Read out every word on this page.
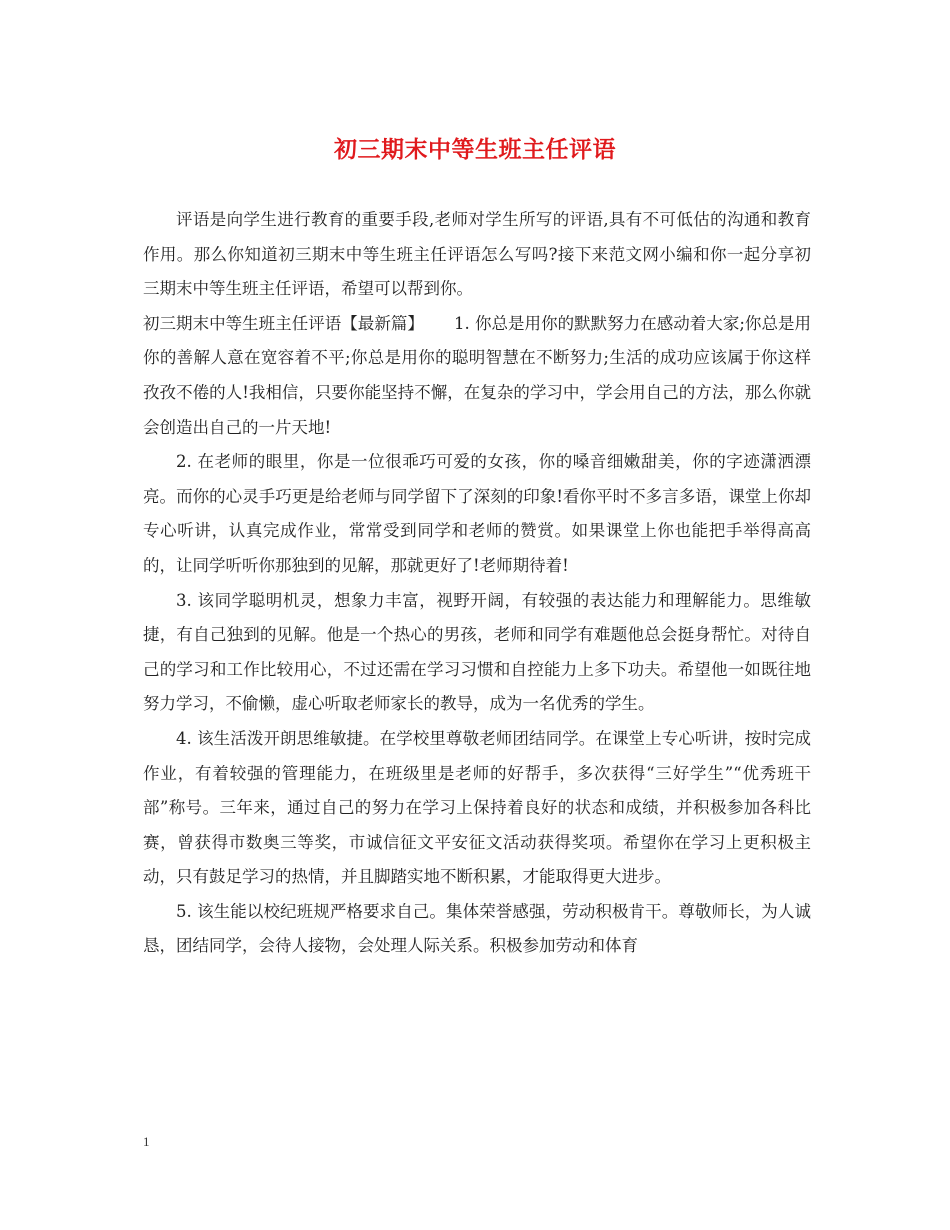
初三期末中等生班主任评语

评语是向学生进行教育的重要手段,老师对学生所写的评语,具有不可低估的沟通和教育作用。那么你知道初三期末中等生班主任评语怎么写吗?接下来范文网小编和你一起分享初三期末中等生班主任评语，希望可以帮到你。

初三期末中等生班主任评语【最新篇】　　 1. 你总是用你的默默努力在感动着大家;你总是用你的善解人意在宽容着不平;你总是用你的聪明智慧在不断努力;生活的成功应该属于你这样孜孜不倦的人!我相信，只要你能坚持不懈，在复杂的学习中，学会用自己的方法，那么你就会创造出自己的一片天地!

2. 在老师的眼里，你是一位很乖巧可爱的女孩，你的嗓音细嫩甜美，你的字迹潇洒漂亮。而你的心灵手巧更是给老师与同学留下了深刻的印象!看你平时不多言多语，课堂上你却专心听讲，认真完成作业，常常受到同学和老师的赞赏。如果课堂上你也能把手举得高高的，让同学听听你那独到的见解，那就更好了!老师期待着!

3. 该同学聪明机灵，想象力丰富，视野开阔，有较强的表达能力和理解能力。思维敏捷，有自己独到的见解。他是一个热心的男孩，老师和同学有难题他总会挺身帮忙。对待自己的学习和工作比较用心，不过还需在学习习惯和自控能力上多下功夫。希望他一如既往地努力学习，不偷懒，虚心听取老师家长的教导，成为一名优秀的学生。

4. 该生活泼开朗思维敏捷。在学校里尊敬老师团结同学。在课堂上专心听讲，按时完成作业，有着较强的管理能力，在班级里是老师的好帮手，多次获得“三好学生”“优秀班干部”称号。三年来，通过自己的努力在学习上保持着良好的状态和成绩，并积极参加各科比赛，曾获得市数奥三等奖，市诚信征文平安征文活动获得奖项。希望你在学习上更积极主动，只有鼓足学习的热情，并且脚踏实地不断积累，才能取得更大进步。

5. 该生能以校纪班规严格要求自己。集体荣誉感强，劳动积极肯干。尊敬师长，为人诚恳，团结同学，会待人接物，会处理人际关系。积极参加劳动和体育

1
